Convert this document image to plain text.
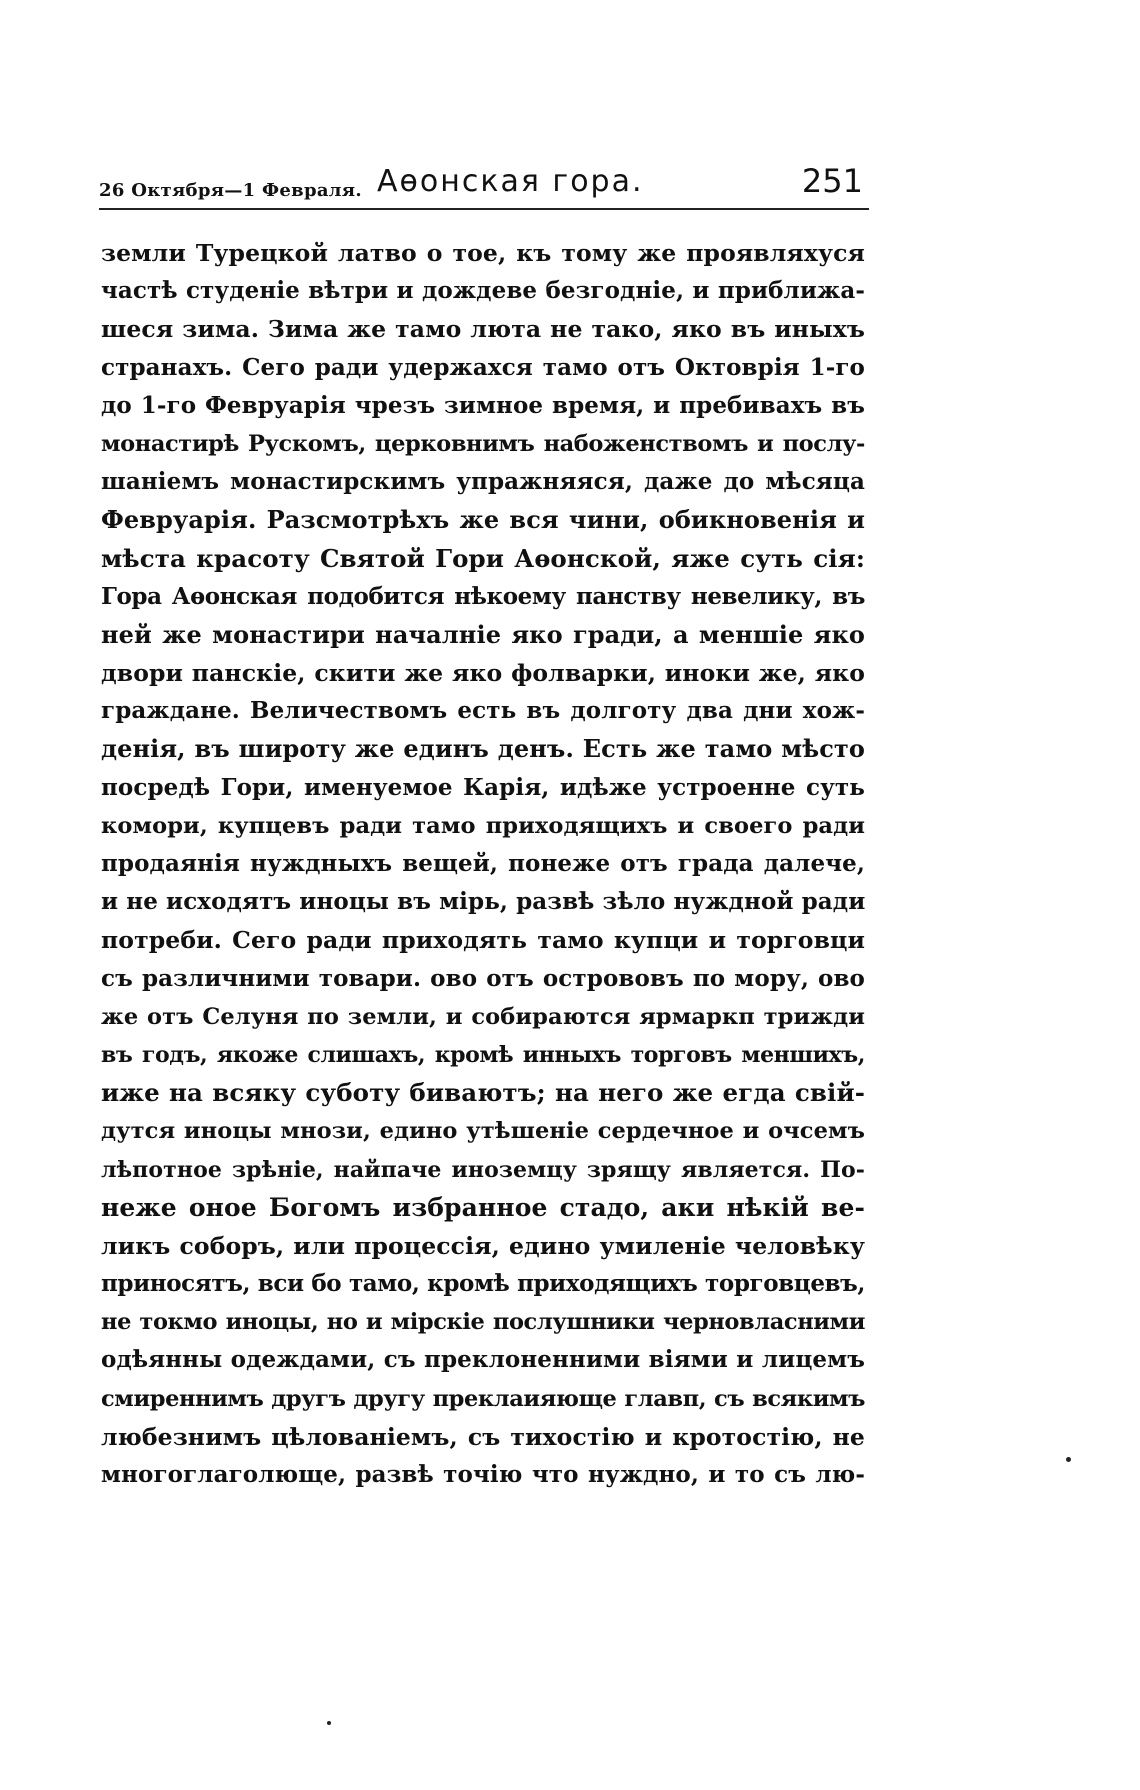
26 Октября—1 Февраля. Аѳонская гора.	251
земли Турецкой латво о тое, къ тому же проявляхуся
частѣ студенiе вѣтри и дождеве безгоднiе, и приближа-
шеся зима. Зима же тамо люта не тако, яко въ иныхъ
странахъ. Сего ради удержахся тамо отъ Октоврiя 1-го
до 1-го Февруарiя чрезъ зимное время, и пребивахъ въ
монастирѣ Рускомъ, церковнимъ набоженствомъ и послу-
шанiемъ монастирскимъ упражняяся, даже до мѣсяца
Февруарiя. Разсмотрѣхъ же вся чини, обикновенiя и
мѣста красоту Святой Гори Аѳонской, яже суть сiя:
Гора Аѳонская подобится нѣкоему панству невелику, въ
ней же монастири началнiе яко гради, а меншiе яко
двори панскiе, скити же яко фолварки, иноки же, яко
граждане. Величествомъ есть въ долготу два дни хож-
денiя, въ широту же единъ денъ. Есть же тамо мѣсто
посредѣ Гори, именуемое Карiя, идѣже устроенне суть
комори, купцевъ ради тамо приходящихъ и своего ради
продаянiя нуждныхъ вещей, понеже отъ града далече,
и не исходятъ иноцы въ мiрь, развѣ зѣло нуждной ради
потреби. Сего ради приходять тамо купци и торговци
съ различними товари. ово отъ острововъ по мору, ово
же отъ Селуня по земли, и собираются ярмаркп трижди
въ годъ, якоже слишахъ, кромѣ инныхъ торговъ меншихъ,
иже на всяку суботу биваютъ; на него же егда свiй-
дутся иноцы мнози, едино утѣшенiе сердечное и очсемъ
лѣпотное зрѣнiе, найпаче иноземцу зрящу является. По-
неже оное Богомъ избранное стадо, аки нѣкiй ве-
ликъ соборъ, или процессiя, едино умиленiе человѣку
приносятъ, вси бо тамо, кромѣ приходящихъ торговцевъ,
не токмо иноцы, но и мiрскiе послушники черновласними
одѣянны одеждами, съ преклоненними вiями и лицемъ
смиреннимъ другъ другу преклаияюще главп, съ всякимъ
любезнимъ цѣлованiемъ, съ тихостiю и кротостiю, не
многоглаголюще, развѣ точiю что нуждно, и то съ лю-
